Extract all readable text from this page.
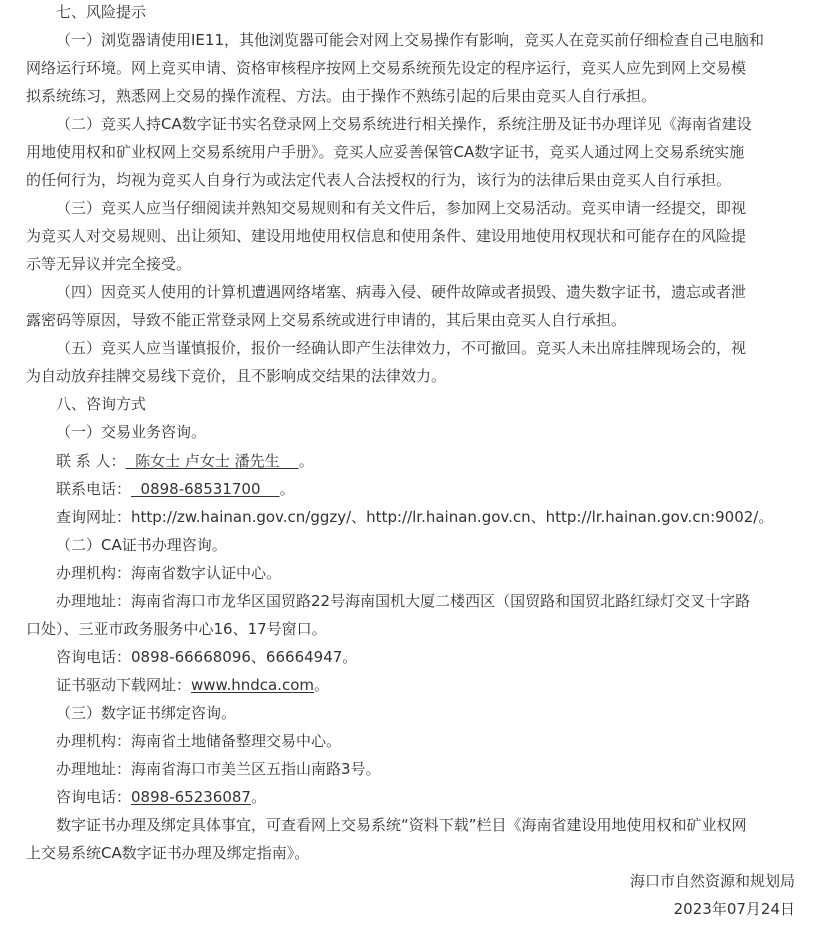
七、风险提示
（一）浏览器请使用IE11，其他浏览器可能会对网上交易操作有影响，竞买人在竞买前仔细检查自己电脑和
网络运行环境。网上竞买申请、资格审核程序按网上交易系统预先设定的程序运行，竞买人应先到网上交易模
拟系统练习，熟悉网上交易的操作流程、方法。由于操作不熟练引起的后果由竞买人自行承担。
（二）竞买人持CA数字证书实名登录网上交易系统进行相关操作，系统注册及证书办理详见《海南省建设
用地使用权和矿业权网上交易系统用户手册》。竞买人应妥善保管CA数字证书，竞买人通过网上交易系统实施
的任何行为，均视为竞买人自身行为或法定代表人合法授权的行为，该行为的法律后果由竞买人自行承担。
（三）竞买人应当仔细阅读并熟知交易规则和有关文件后，参加网上交易活动。竞买申请一经提交，即视
为竞买人对交易规则、出让须知、建设用地使用权信息和使用条件、建设用地使用权现状和可能存在的风险提
示等无异议并完全接受。
（四）因竞买人使用的计算机遭遇网络堵塞、病毒入侵、硬件故障或者损毁、遗失数字证书，遗忘或者泄
露密码等原因，导致不能正常登录网上交易系统或进行申请的，其后果由竞买人自行承担。
（五）竞买人应当谨慎报价，报价一经确认即产生法律效力，不可撤回。竞买人未出席挂牌现场会的，视
为自动放弃挂牌交易线下竞价，且不影响成交结果的法律效力。
八、咨询方式
（一）交易业务咨询。
联 系 人：  陈女士 卢女士 潘先生    。
联系电话：  0898-68531700    。
查询网址：http://zw.hainan.gov.cn/ggzy/、http://lr.hainan.gov.cn、http://lr.hainan.gov.cn:9002/。
（二）CA证书办理咨询。
办理机构：海南省数字认证中心。
办理地址：海南省海口市龙华区国贸路22号海南国机大厦二楼西区（国贸路和国贸北路红绿灯交叉十字路
口处）、三亚市政务服务中心16、17号窗口。
咨询电话：0898-66668096、66664947。
证书驱动下载网址：www.hndca.com。
（三）数字证书绑定咨询。
办理机构：海南省土地储备整理交易中心。
办理地址：海南省海口市美兰区五指山南路3号。
咨询电话：0898-65236087。
数字证书办理及绑定具体事宜，可查看网上交易系统“资料下载”栏目《海南省建设用地使用权和矿业权网
上交易系统CA数字证书办理及绑定指南》。
海口市自然资源和规划局
2023年07月24日
